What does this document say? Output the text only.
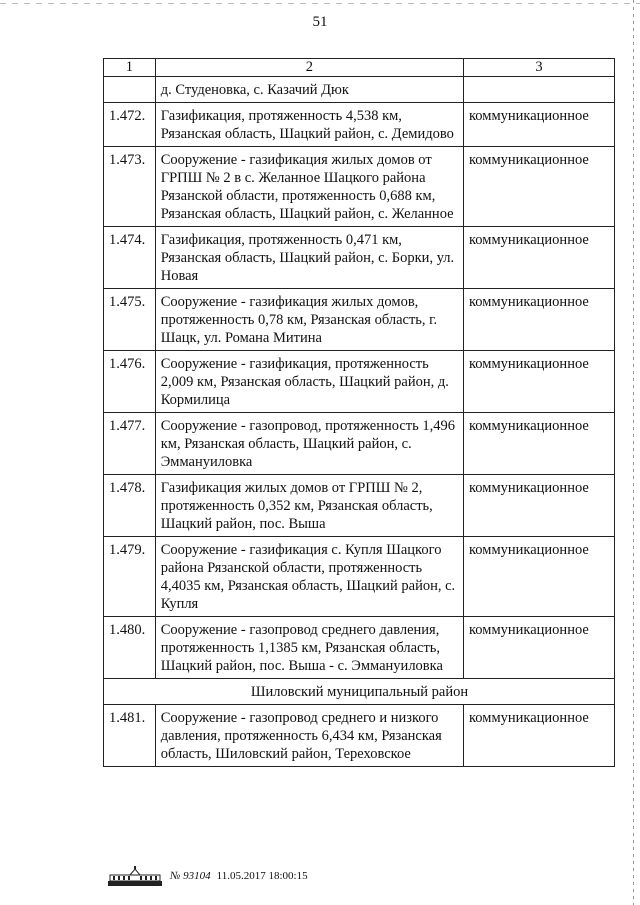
51
1	2	3
	д. Студеновка, с. Казачий Дюк	
1.472.	Газификация, протяженность 4,538 км, Рязанская область, Шацкий район, с. Демидово	коммуникационное
1.473.	Сооружение - газификация жилых домов от ГРПШ № 2 в с. Желанное Шацкого района Рязанской области, протяженность 0,688 км, Рязанская область, Шацкий район, с. Желанное	коммуникационное
1.474.	Газификация, протяженность 0,471 км, Рязанская область, Шацкий район, с. Борки, ул. Новая	коммуникационное
1.475.	Сооружение - газификация жилых домов, протяженность 0,78 км, Рязанская область, г. Шацк, ул. Романа Митина	коммуникационное
1.476.	Сооружение - газификация, протяженность 2,009 км, Рязанская область, Шацкий район, д. Кормилица	коммуникационное
1.477.	Сооружение - газопровод, протяженность 1,496 км, Рязанская область, Шацкий район, с. Эммануиловка	коммуникационное
1.478.	Газификация жилых домов от ГРПШ № 2, протяженность 0,352 км, Рязанская область, Шацкий район, пос. Выша	коммуникационное
1.479.	Сооружение - газификация с. Купля Шацкого района Рязанской области, протяженность 4,4035 км, Рязанская область, Шацкий район, с. Купля	коммуникационное
1.480.	Сооружение - газопровод среднего давления, протяженность 1,1385 км, Рязанская область, Шацкий район, пос. Выша - с. Эммануиловка	коммуникационное
Шиловский муниципальный район		
1.481.	Сооружение - газопровод среднего и низкого давления, протяженность 6,434 км, Рязанская область, Шиловский район, Тереховское	коммуникационное
№ 93104 11.05.2017 18:00:15
